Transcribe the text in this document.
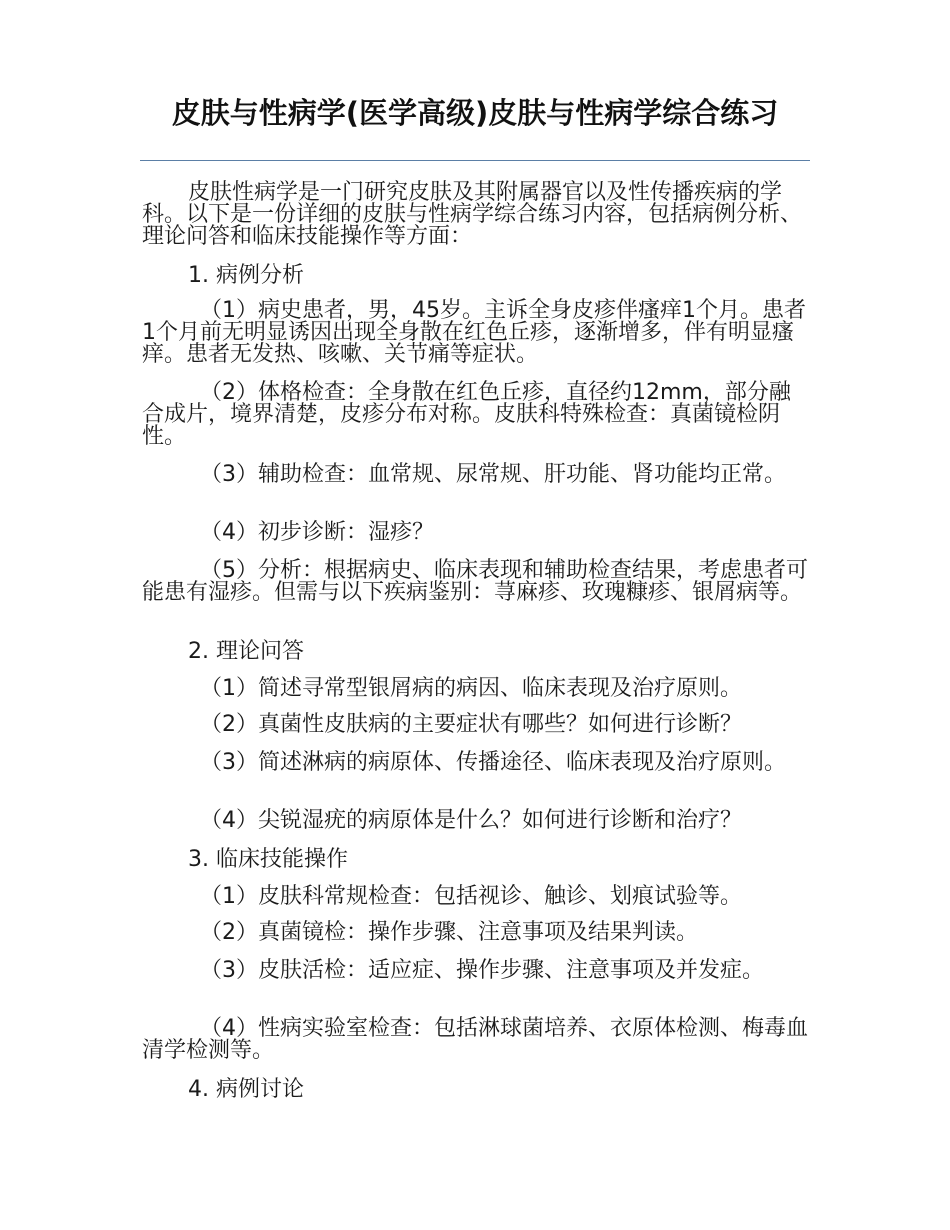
皮肤与性病学(医学高级)皮肤与性病学综合练习
皮肤性病学是一门研究皮肤及其附属器官以及性传播疾病的学科。以下是一份详细的皮肤与性病学综合练习内容，包括病例分析、理论问答和临床技能操作等方面：
1. 病例分析
（1）病史患者，男，45岁。主诉全身皮疹伴瘙痒1个月。患者1个月前无明显诱因出现全身散在红色丘疹，逐渐增多，伴有明显瘙痒。患者无发热、咳嗽、关节痛等症状。
（2）体格检查：全身散在红色丘疹，直径约12mm，部分融合成片，境界清楚，皮疹分布对称。皮肤科特殊检查：真菌镜检阴性。
（3）辅助检查：血常规、尿常规、肝功能、肾功能均正常。
（4）初步诊断：湿疹？
（5）分析：根据病史、临床表现和辅助检查结果，考虑患者可能患有湿疹。但需与以下疾病鉴别：荨麻疹、玫瑰糠疹、银屑病等。
2. 理论问答
（1）简述寻常型银屑病的病因、临床表现及治疗原则。
（2）真菌性皮肤病的主要症状有哪些？如何进行诊断？
（3）简述淋病的病原体、传播途径、临床表现及治疗原则。
（4）尖锐湿疣的病原体是什么？如何进行诊断和治疗？
3. 临床技能操作
（1）皮肤科常规检查：包括视诊、触诊、划痕试验等。
（2）真菌镜检：操作步骤、注意事项及结果判读。
（3）皮肤活检：适应症、操作步骤、注意事项及并发症。
（4）性病实验室检查：包括淋球菌培养、衣原体检测、梅毒血清学检测等。
4. 病例讨论
